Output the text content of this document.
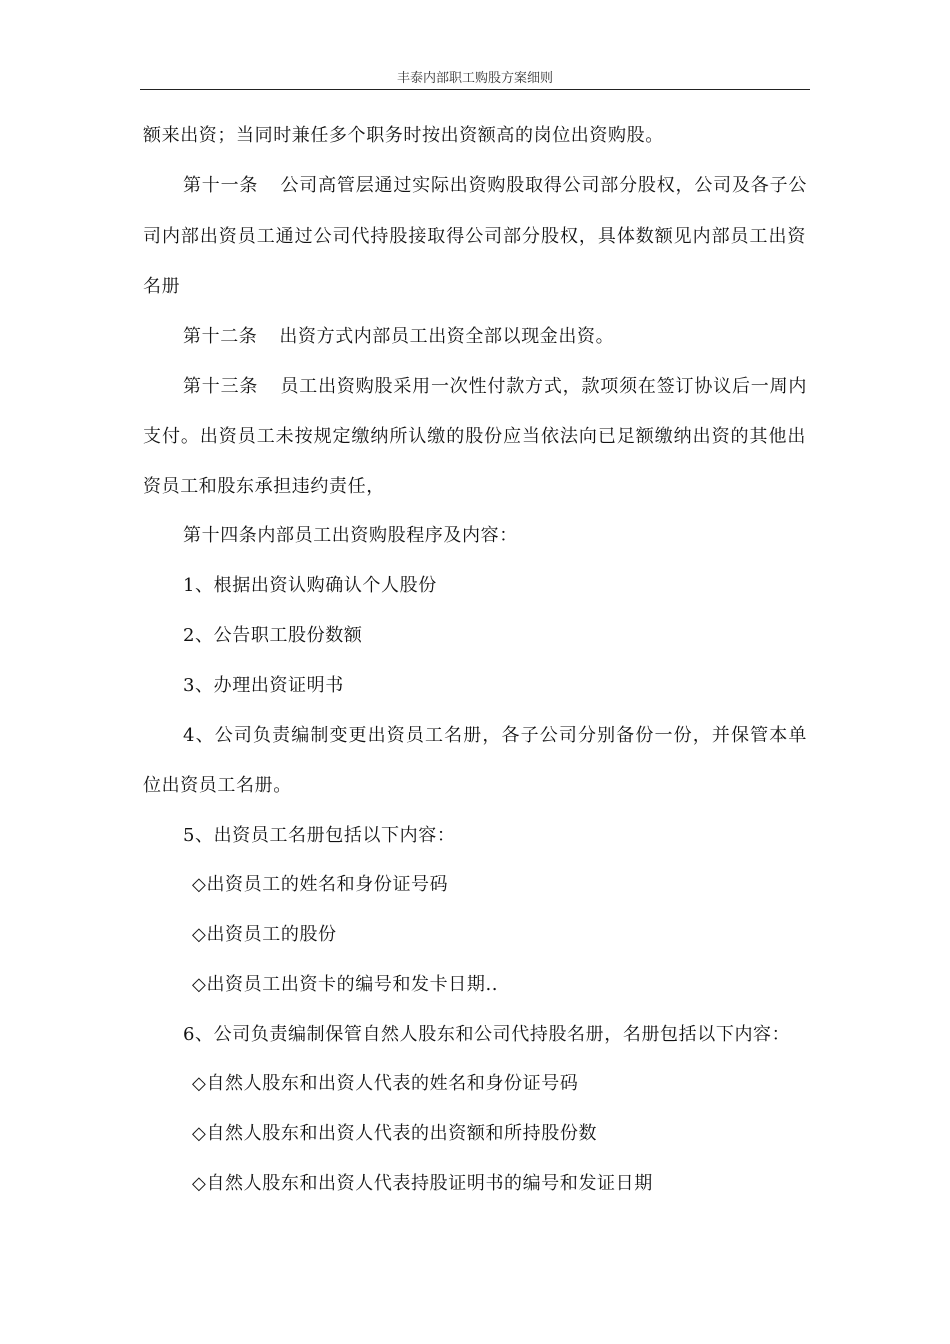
丰泰内部职工购股方案细则
额来出资；当同时兼任多个职务时按出资额高的岗位出资购股。
第十一条 公司高管层通过实际出资购股取得公司部分股权，公司及各子公
司内部出资员工通过公司代持股接取得公司部分股权，具体数额见内部员工出资
名册
第十二条 出资方式内部员工出资全部以现金出资。
第十三条 员工出资购股采用一次性付款方式，款项须在签订协议后一周内
支付。出资员工未按规定缴纳所认缴的股份应当依法向已足额缴纳出资的其他出
资员工和股东承担违约责任，
第十四条内部员工出资购股程序及内容：
1、根据出资认购确认个人股份
2、公告职工股份数额
3、办理出资证明书
4、公司负责编制变更出资员工名册，各子公司分别备份一份，并保管本单
位出资员工名册。
5、出资员工名册包括以下内容：
◇出资员工的姓名和身份证号码
◇出资员工的股份
◇出资员工出资卡的编号和发卡日期..
6、公司负责编制保管自然人股东和公司代持股名册，名册包括以下内容：
◇自然人股东和出资人代表的姓名和身份证号码
◇自然人股东和出资人代表的出资额和所持股份数
◇自然人股东和出资人代表持股证明书的编号和发证日期
